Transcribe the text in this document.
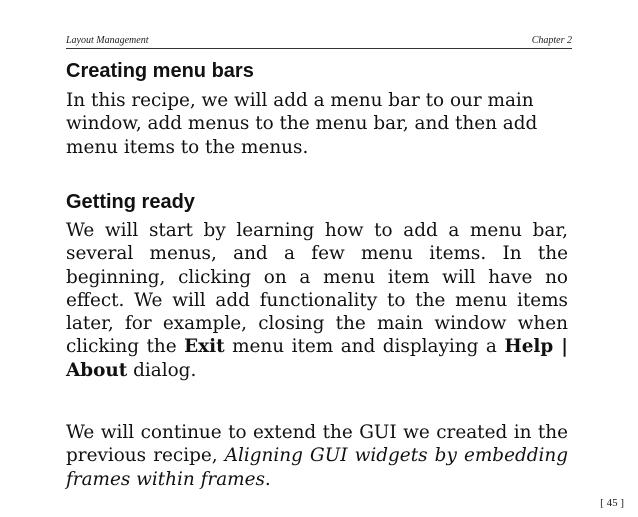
Layout Management	Chapter 2
Creating menu bars
In this recipe, we will add a menu bar to our main
window, add menus to the menu bar, and then add
menu items to the menus.
Getting ready
We will start by learning how to add a menu bar,
several menus, and a few menu items. In the
beginning, clicking on a menu item will have no
effect. We will add functionality to the menu items
later, for example, closing the main window when
clicking the Exit menu item and displaying a Help |
About dialog.
We will continue to extend the GUI we created in the
previous recipe, Aligning GUI widgets by embedding
frames within frames.
[ 45 ]
